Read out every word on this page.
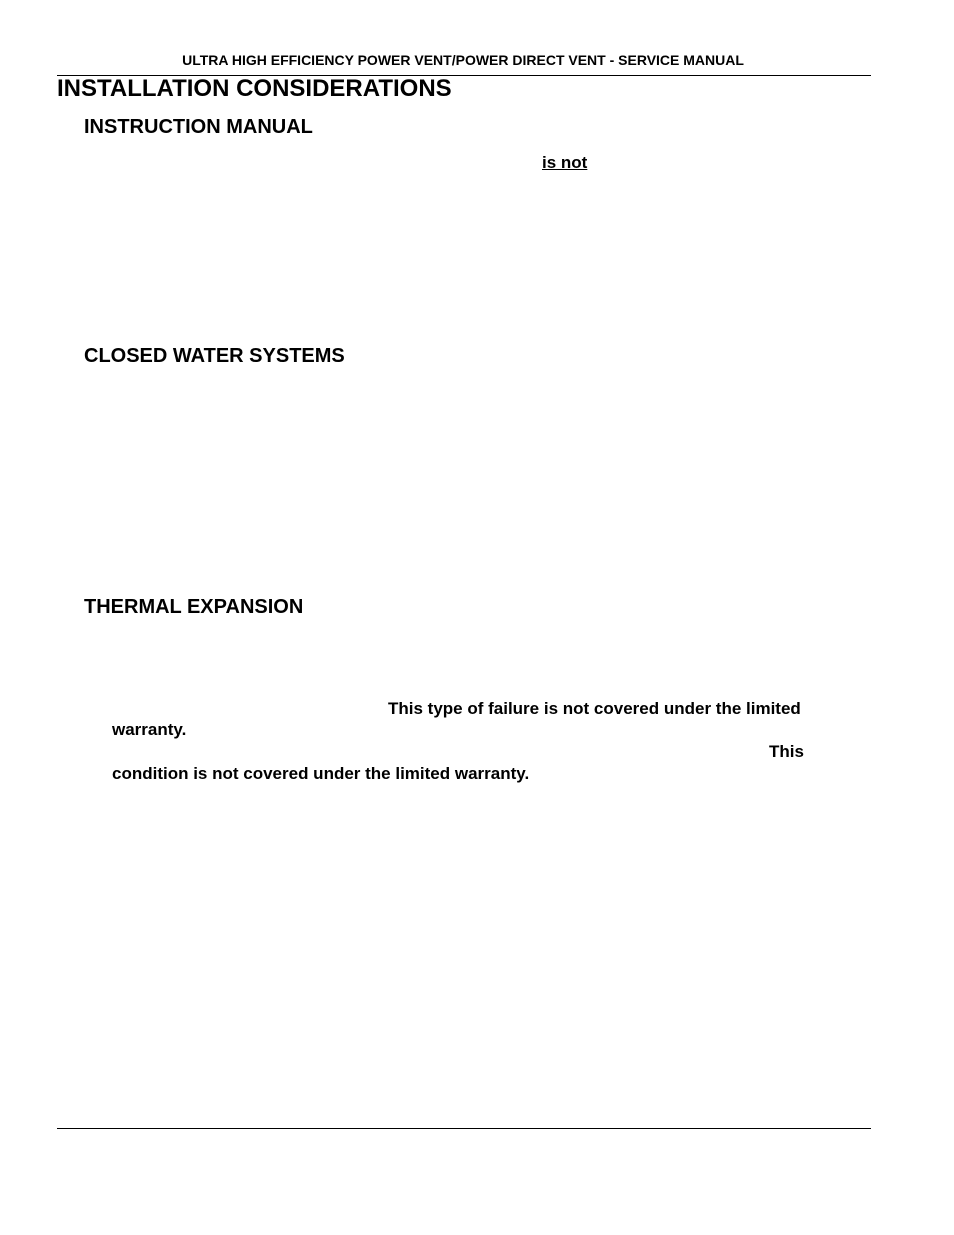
ULTRA HIGH EFFICIENCY POWER VENT/POWER DIRECT VENT - SERVICE MANUAL
INSTALLATION CONSIDERATIONS
INSTRUCTION MANUAL
is not
CLOSED WATER SYSTEMS
THERMAL EXPANSION
This type of failure is not covered under the limited
warranty.
This
condition is not covered under the limited warranty.
